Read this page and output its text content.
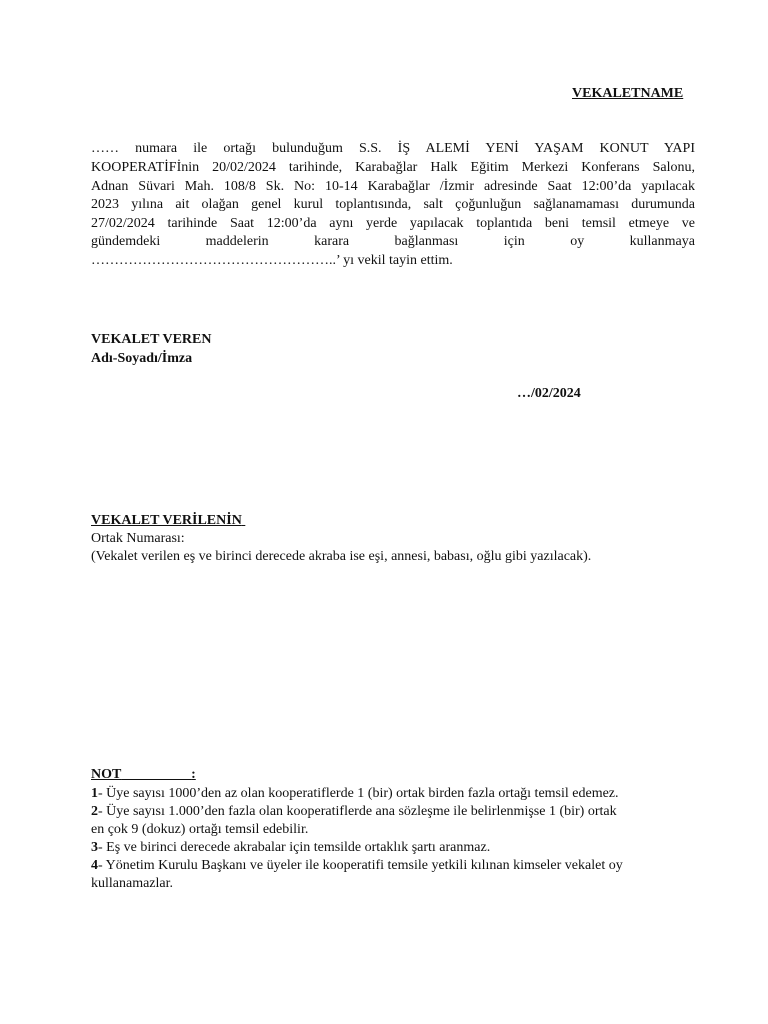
VEKALETNAME
…… numara ile ortağı bulunduğum S.S. İŞ ALEMİ YENİ YAŞAM KONUT YAPI
KOOPERATİFİnin 20/02/2024 tarihinde, Karabağlar Halk Eğitim Merkezi Konferans Salonu,
Adnan Süvari Mah. 108/8 Sk. No: 10-14 Karabağlar /İzmir adresinde Saat 12:00’da yapılacak
2023 yılına ait olağan genel kurul toplantısında, salt çoğunluğun sağlanamaması durumunda
27/02/2024 tarihinde Saat 12:00’da aynı yerde yapılacak toplantıda beni temsil etmeye ve
gündemdeki	maddelerin	karara	bağlanması	için	oy	kullanmaya
……………………………………………..’ yı vekil tayin ettim.
VEKALET VEREN
Adı-Soyadı/İmza
…/02/2024
VEKALET VERİLENİN
Ortak Numarası:
(Vekalet verilen eş ve birinci derecede akraba ise eşi, annesi, babası, oğlu gibi yazılacak).
NOT	:
1- Üye sayısı 1000’den az olan kooperatiflerde 1 (bir) ortak birden fazla ortağı temsil edemez.
2- Üye sayısı 1.000’den fazla olan kooperatiflerde ana sözleşme ile belirlenmişse 1 (bir) ortak
en çok 9 (dokuz) ortağı temsil edebilir.
3- Eş ve birinci derecede akrabalar için temsilde ortaklık şartı aranmaz.
4- Yönetim Kurulu Başkanı ve üyeler ile kooperatifi temsile yetkili kılınan kimseler vekalet oy
kullanamazlar.
